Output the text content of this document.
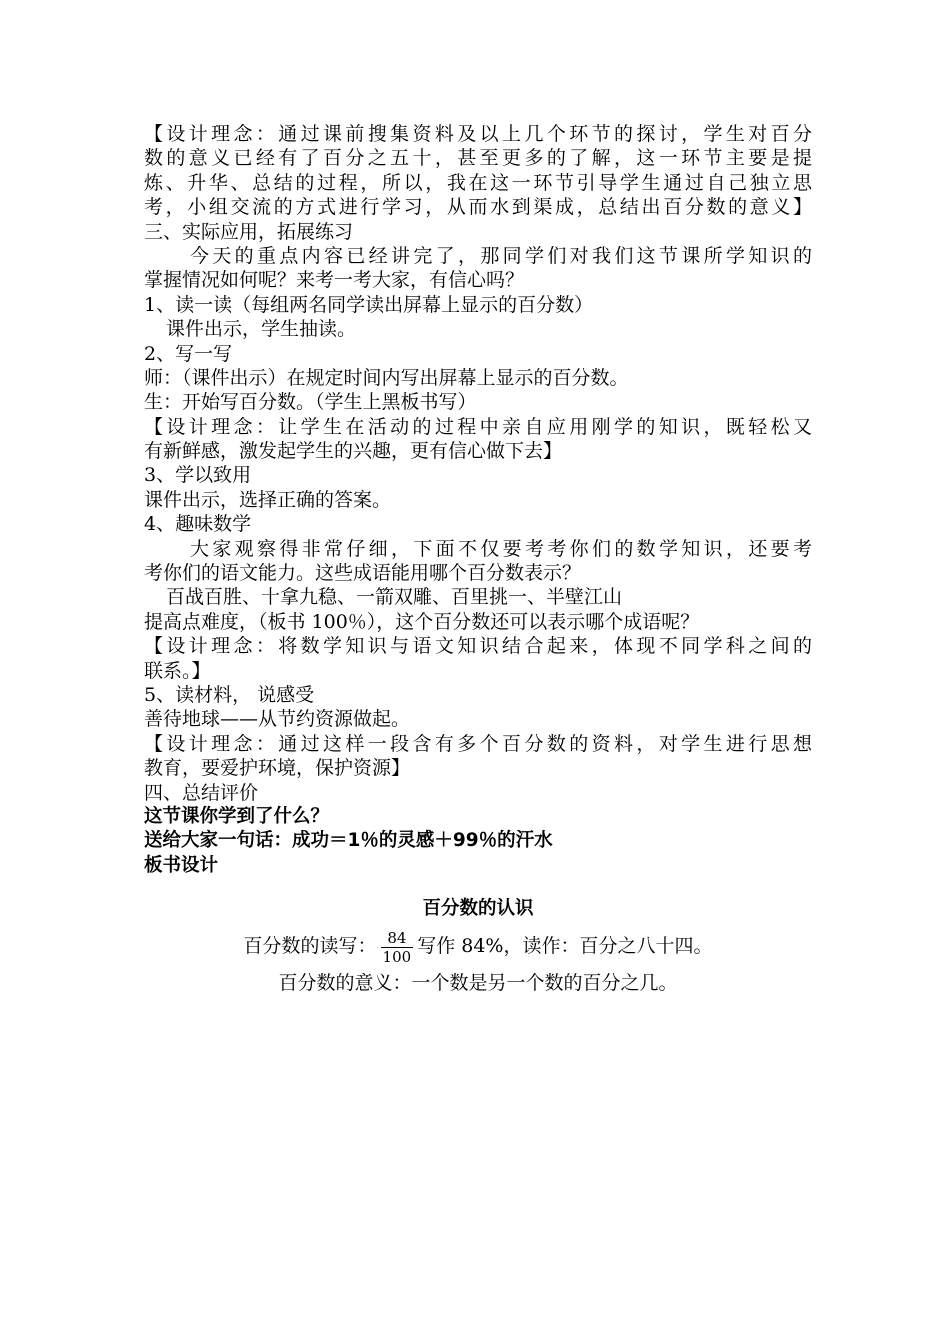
【设计理念：通过课前搜集资料及以上几个环节的探讨，学生对百分
数的意义已经有了百分之五十，甚至更多的了解，这一环节主要是提
炼、升华、总结的过程，所以，我在这一环节引导学生通过自己独立思
考，小组交流的方式进行学习，从而水到渠成，总结出百分数的意义】
三、实际应用，拓展练习
今天的重点内容已经讲完了，那同学们对我们这节课所学知识的
掌握情况如何呢？来考一考大家，有信心吗？
1、读一读（每组两名同学读出屏幕上显示的百分数）
课件出示，学生抽读。
2、写一写
师：（课件出示）在规定时间内写出屏幕上显示的百分数。
生：开始写百分数。（学生上黑板书写）
【设计理念：让学生在活动的过程中亲自应用刚学的知识，既轻松又
有新鲜感，激发起学生的兴趣，更有信心做下去】
3、学以致用
课件出示，选择正确的答案。
4、趣味数学
大家观察得非常仔细，下面不仅要考考你们的数学知识，还要考
考你们的语文能力。这些成语能用哪个百分数表示？
百战百胜、十拿九稳、一箭双雕、百里挑一、半壁江山
提高点难度，（板书 100％），这个百分数还可以表示哪个成语呢？
【设计理念：将数学知识与语文知识结合起来，体现不同学科之间的
联系。】
5、读材料， 说感受
善待地球——从节约资源做起。
【设计理念：通过这样一段含有多个百分数的资料，对学生进行思想
教育，要爱护环境，保护资源】
四、总结评价
这节课你学到了什么？
送给大家一句话：成功＝1％的灵感＋99％的汗水
板书设计
百分数的认识
百分数的读写： $\frac{84}{100}$ 写作 84%，读作：百分之八十四。
百分数的意义：一个数是另一个数的百分之几。
